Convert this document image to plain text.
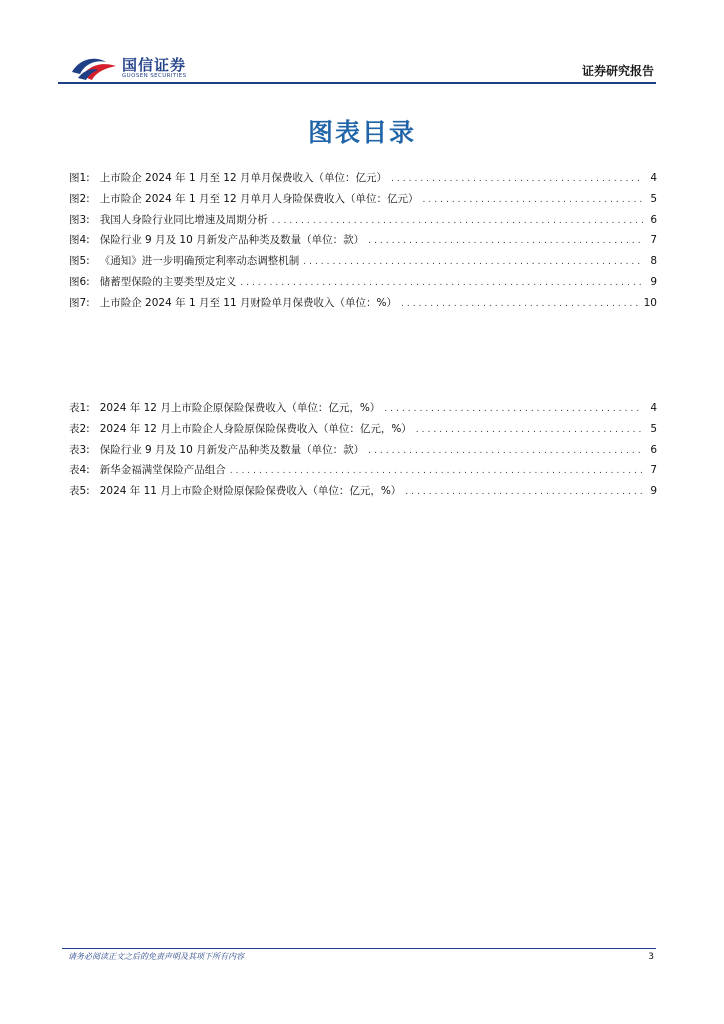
国信证券
GUOSEN SECURITIES	证券研究报告
图表目录
图1: 上市险企 2024 年 1 月至 12 月单月保费收入（单位：亿元） .....	4
图2: 上市险企 2024 年 1 月至 12 月单月人身险保费收入（单位：亿元） .....	5
图3: 我国人身险行业同比增速及周期分析 .....	6
图4: 保险行业 9 月及 10 月新发产品种类及数量（单位：款） .....	7
图5: 《通知》进一步明确预定利率动态调整机制 .....	8
图6: 储蓄型保险的主要类型及定义 .....	9
图7: 上市险企 2024 年 1 月至 11 月财险单月保费收入（单位：%） .....	10
表1: 2024 年 12 月上市险企原保险保费收入（单位：亿元，%） .....	4
表2: 2024 年 12 月上市险企人身险原保险保费收入（单位：亿元，%） .....	5
表3: 保险行业 9 月及 10 月新发产品种类及数量（单位：款） .....	6
表4: 新华金福满堂保险产品组合 .....	7
表5: 2024 年 11 月上市险企财险原保险保费收入（单位：亿元，%） .....	9
请务必阅读正文之后的免责声明及其项下所有内容	3
